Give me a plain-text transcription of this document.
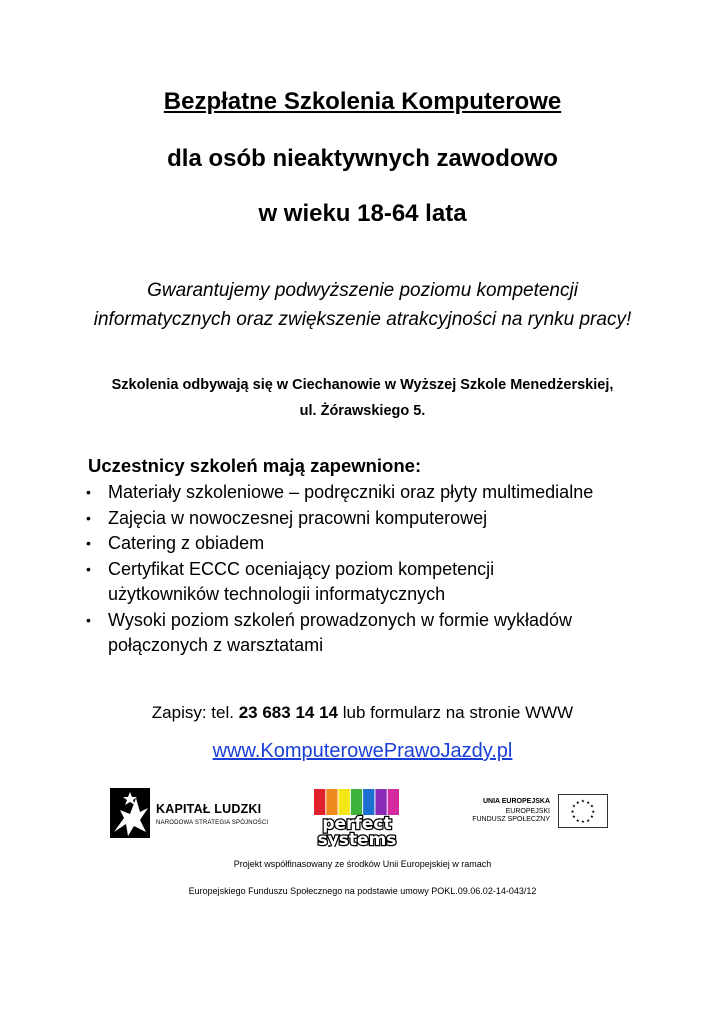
Bezpłatne Szkolenia Komputerowe
dla osób nieaktywnych zawodowo
w wieku 18-64 lata
Gwarantujemy podwyższenie poziomu kompetencji
informatycznych oraz zwiększenie atrakcyjności na rynku pracy!
Szkolenia odbywają się w Ciechanowie w Wyższej Szkole Menedżerskiej,
ul. Żórawskiego 5.
Uczestnicy szkoleń mają zapewnione:
• Materiały szkoleniowe – podręczniki oraz płyty multimedialne
• Zajęcia w nowoczesnej pracowni komputerowej
• Catering z obiadem
• Certyfikat ECCC oceniający poziom kompetencji
użytkowników technologii informatycznych
• Wysoki poziom szkoleń prowadzonych w formie wykładów
połączonych z warsztatami
Zapisy: tel. 23 683 14 14 lub formularz na stronie WWW
www.KomputerowePrawoJazdy.pl
KAPITAŁ LUDZKI
NARODOWA STRATEGIA SPÓJNOŚCI	perfect
systems
UNIA EUROPEJSKA
EUROPEJSKI
FUNDUSZ SPOŁECZNY
★
★
★
★
★
★
★
★
★ ★ ★
★
Projekt współfinasowany ze środków Unii Europejskiej w ramach
Europejskiego Funduszu Społecznego na podstawie umowy POKL.09.06.02-14-043/12
